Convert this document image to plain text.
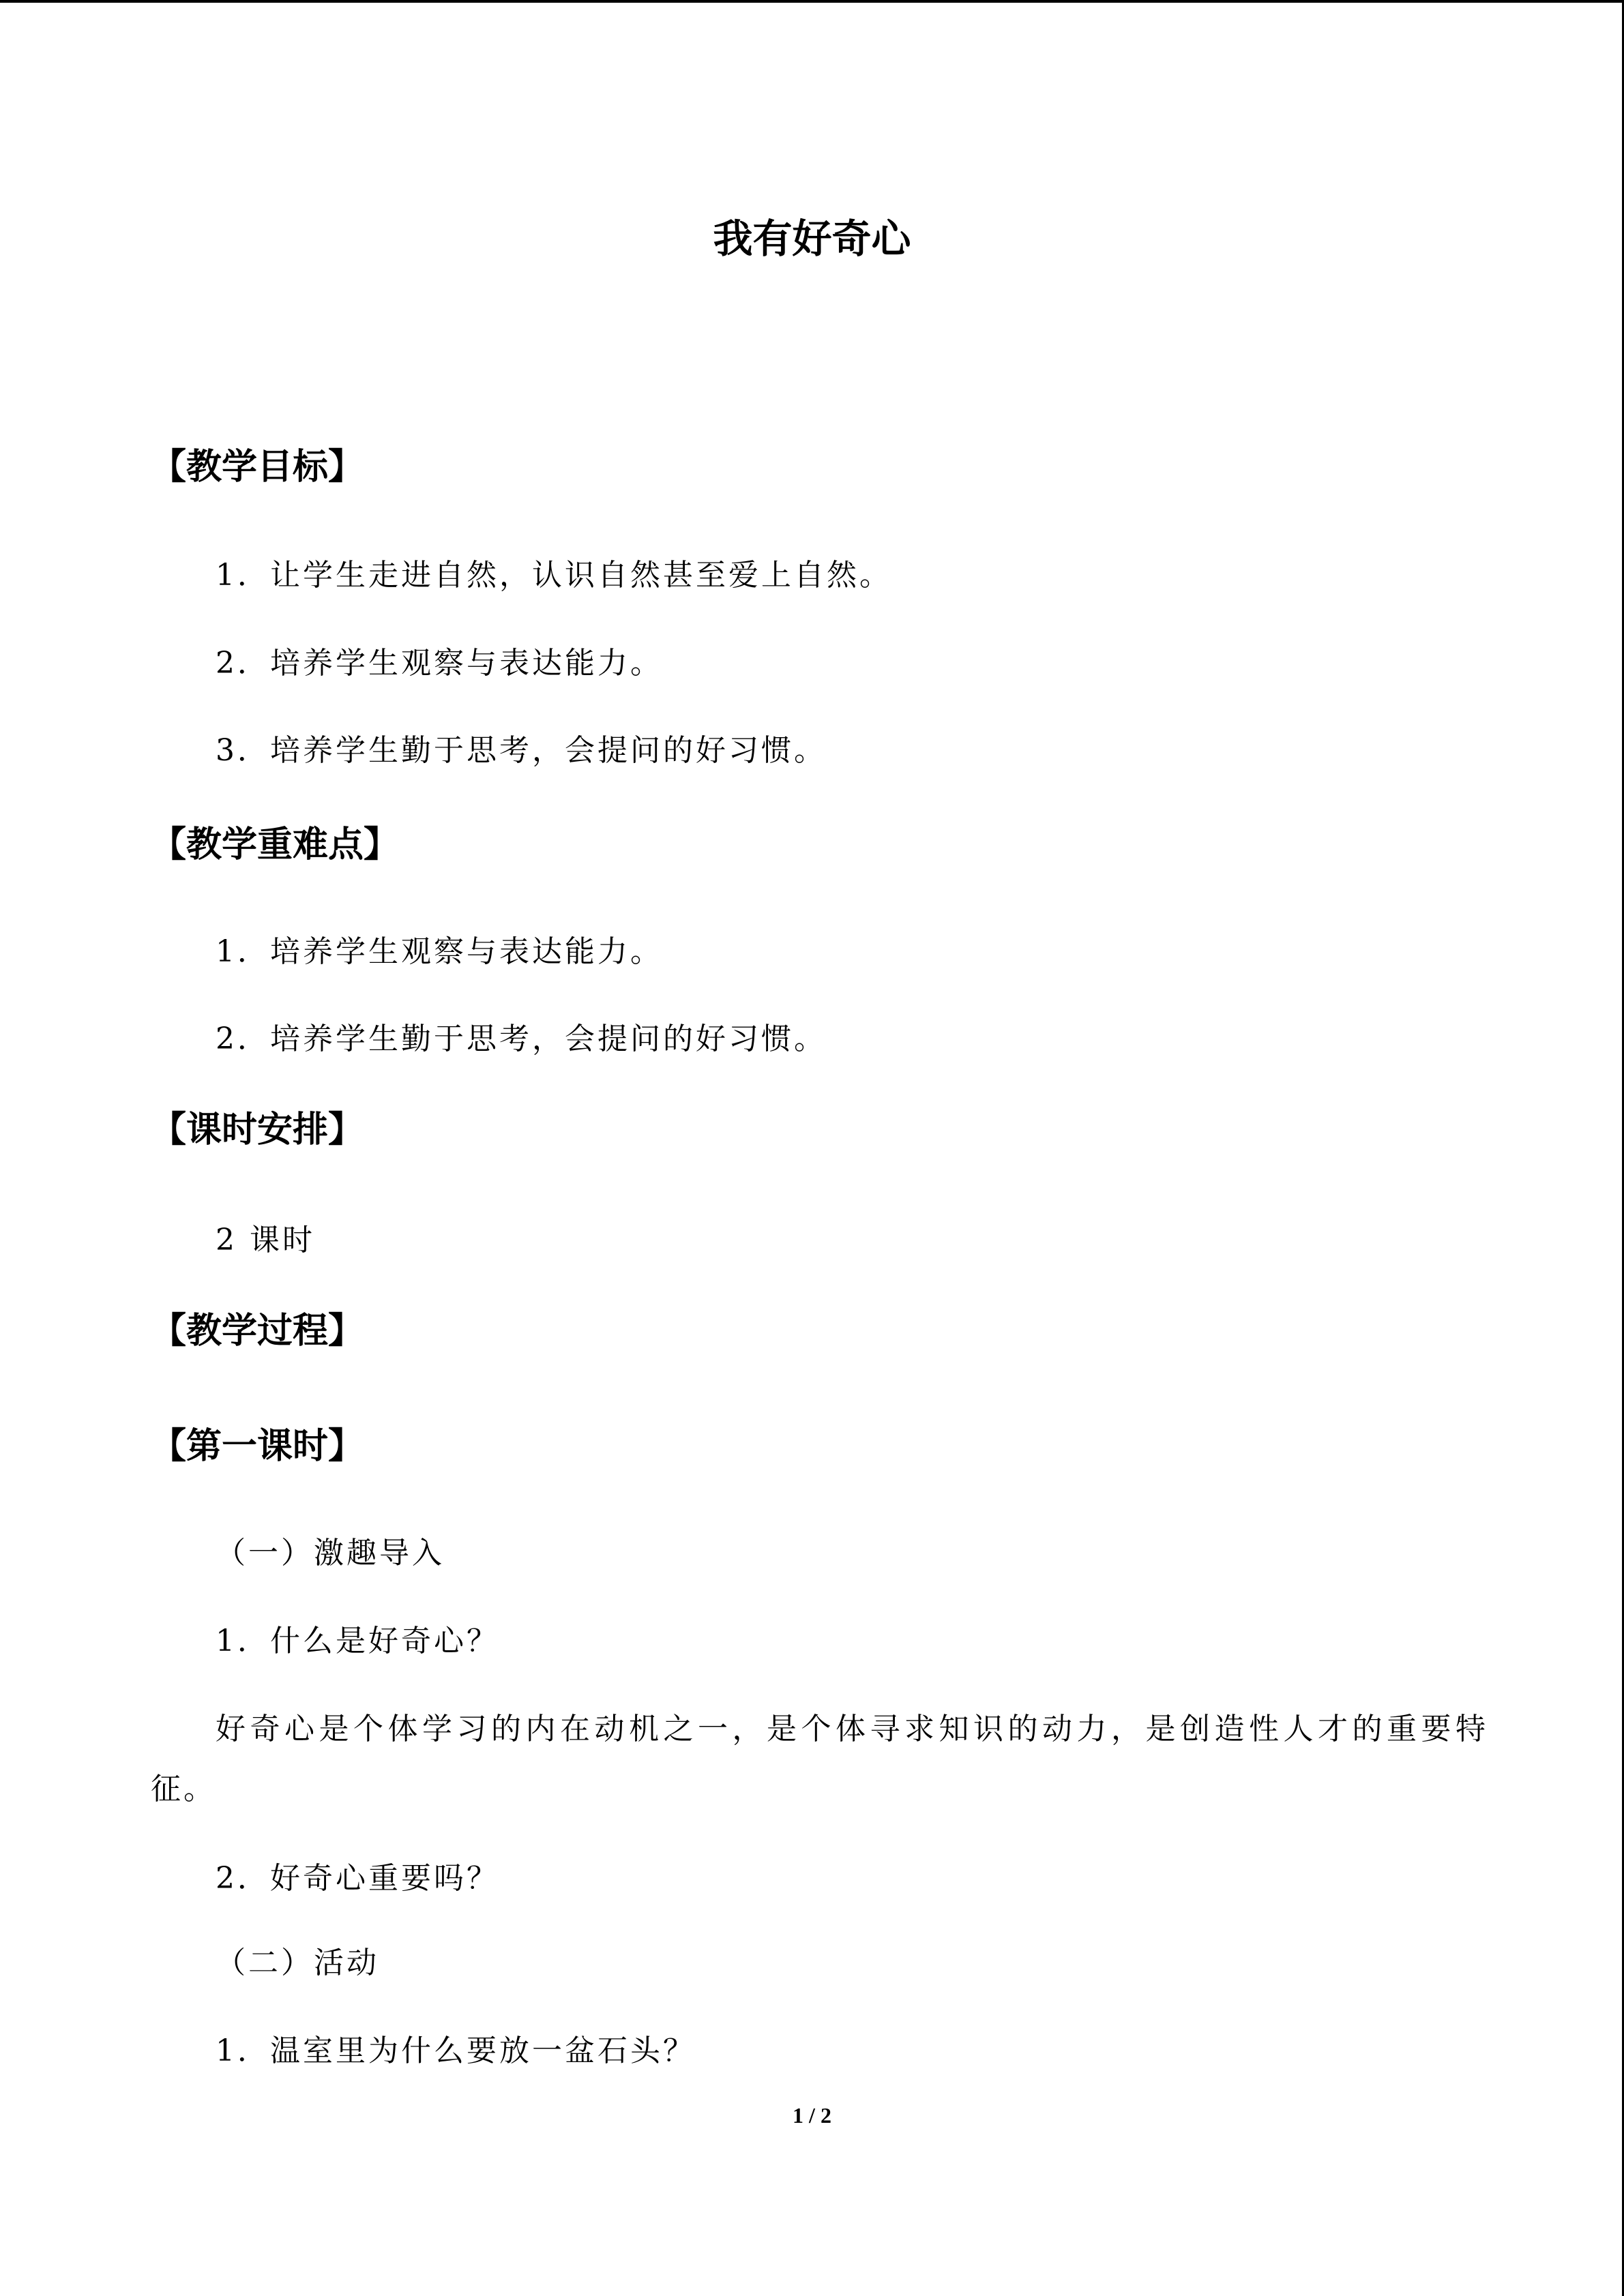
我有好奇心
【教学目标】
1．让学生走进自然，认识自然甚至爱上自然。
2．培养学生观察与表达能力。
3．培养学生勤于思考，会提问的好习惯。
【教学重难点】
1．培养学生观察与表达能力。
2．培养学生勤于思考，会提问的好习惯。
【课时安排】
2 课时
【教学过程】
【第一课时】
（一）激趣导入
1．什么是好奇心？
好奇心是个体学习的内在动机之一，是个体寻求知识的动力，是创造性人才的重要特
征。
2．好奇心重要吗？
（二）活动
1．温室里为什么要放一盆石头？
1 / 2
